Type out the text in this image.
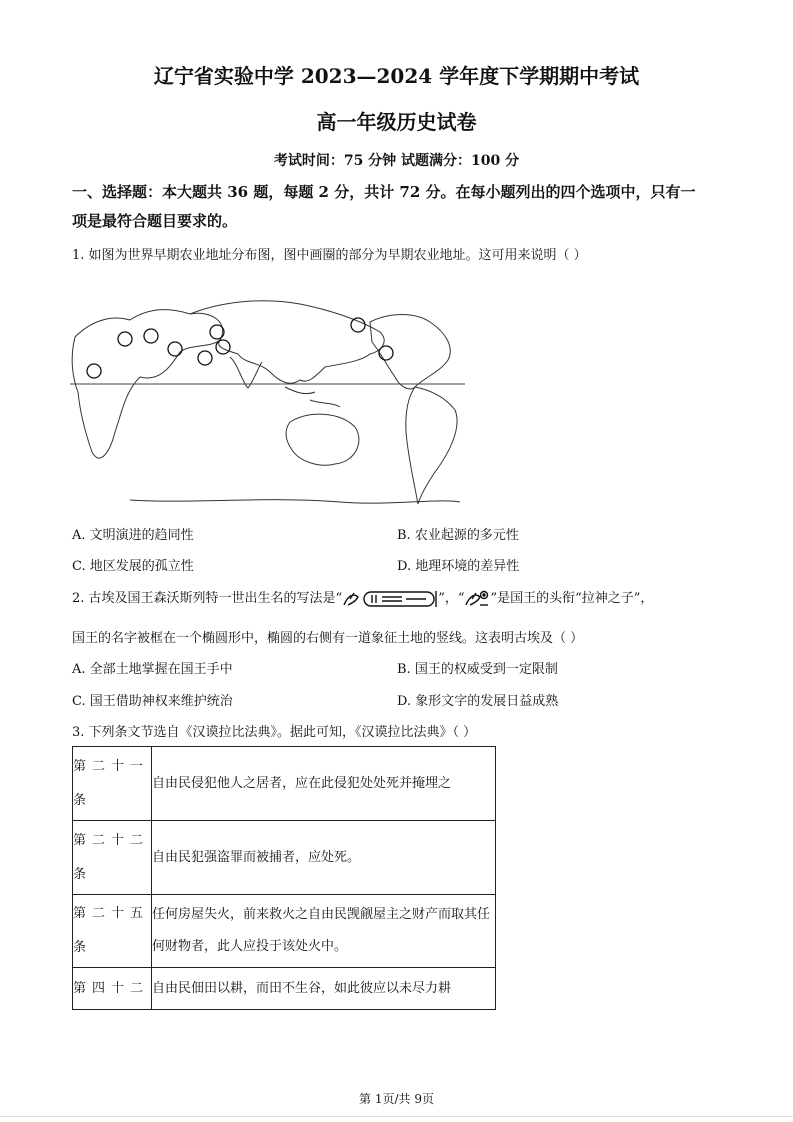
辽宁省实验中学 2023—2024 学年度下学期期中考试
高一年级历史试卷
考试时间：75 分钟 试题满分：100 分
一、选择题：本大题共 36 题，每题 2 分，共计 72 分。在每小题列出的四个选项中，只有一
项是最符合题目要求的。
1. 如图为世界早期农业地址分布图，图中画圈的部分为早期农业地址。这可用来说明（ ）
A. 文明演进的趋同性	B. 农业起源的多元性
C. 地区发展的孤立性	D. 地理环境的差异性
2. 古埃及国王森沃斯列特一世出生名的写法是“	”，“ ”是国王的头衔“拉神之子”，
国王的名字被框在一个椭圆形中，椭圆的右侧有一道象征土地的竖线。这表明古埃及（ ）
A. 全部土地掌握在国王手中	B. 国王的权威受到一定限制
C. 国王借助神权来维护统治	D. 象形文字的发展日益成熟
3. 下列条文节选自《汉谟拉比法典》。据此可知，《汉谟拉比法典》（ ）
第二十一条	自由民侵犯他人之居者，应在此侵犯处处死并掩埋之
第二十二条	自由民犯强盗罪而被捕者，应处死。
第二十五条	任何房屋失火，前来救火之自由民觊觎屋主之财产而取其任何财物者，此人应投于该处火中。
第四十二	自由民佃田以耕，而田不生谷，如此彼应以未尽力耕
第 1页/共 9页
